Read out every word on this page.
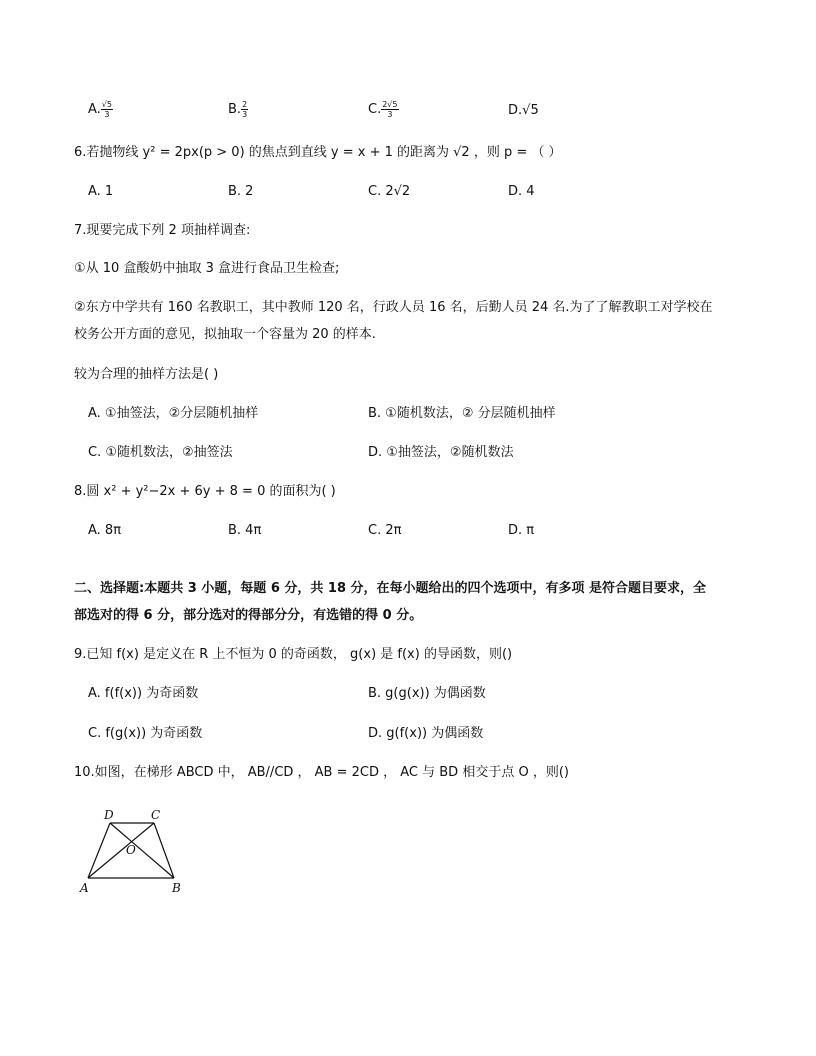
A. $\frac{√5}{3}$	B. $\frac{2}{3}$	C. $\frac{2√5}{3}$	D.√5
6.若抛物线 y² = 2px(p > 0) 的焦点到直线 y = x + 1 的距离为 √2 ，则 p = （ ）
A. 1	B. 2	C. 2√2	D. 4
7.现要完成下列 2 项抽样调查:
①从 10 盒酸奶中抽取 3 盒进行食品卫生检查;
②东方中学共有 160 名教职工，其中教师 120 名，行政人员 16 名，后勤人员 24 名.为了了解教职工对学校在
校务公开方面的意见，拟抽取一个容量为 20 的样本.
较为合理的抽样方法是( )
A. ①抽签法，②分层随机抽样	B. ①随机数法，② 分层随机抽样
C. ①随机数法，②抽签法	D. ①抽签法，②随机数法
8.圆 x² + y²−2x + 6y + 8 = 0 的面积为( )
A. 8π	B. 4π	C. 2π	D. π
二、选择题:本题共 3 小题，每题 6 分，共 18 分，在每小题给出的四个选项中，有多项 是符合题目要求，全
部选对的得 6 分，部分选对的得部分分，有选错的得 0 分。
9.已知 f(x) 是定义在 R 上不恒为 0 的奇函数， g(x) 是 f(x) 的导函数，则()
A. f(f(x)) 为奇函数	B. g(g(x)) 为偶函数
C. f(g(x)) 为奇函数	D. g(f(x)) 为偶函数
10.如图，在梯形 ABCD 中， AB//CD ， AB = 2CD ， AC 与 BD 相交于点 O ，则()
D	C
O
A	B
